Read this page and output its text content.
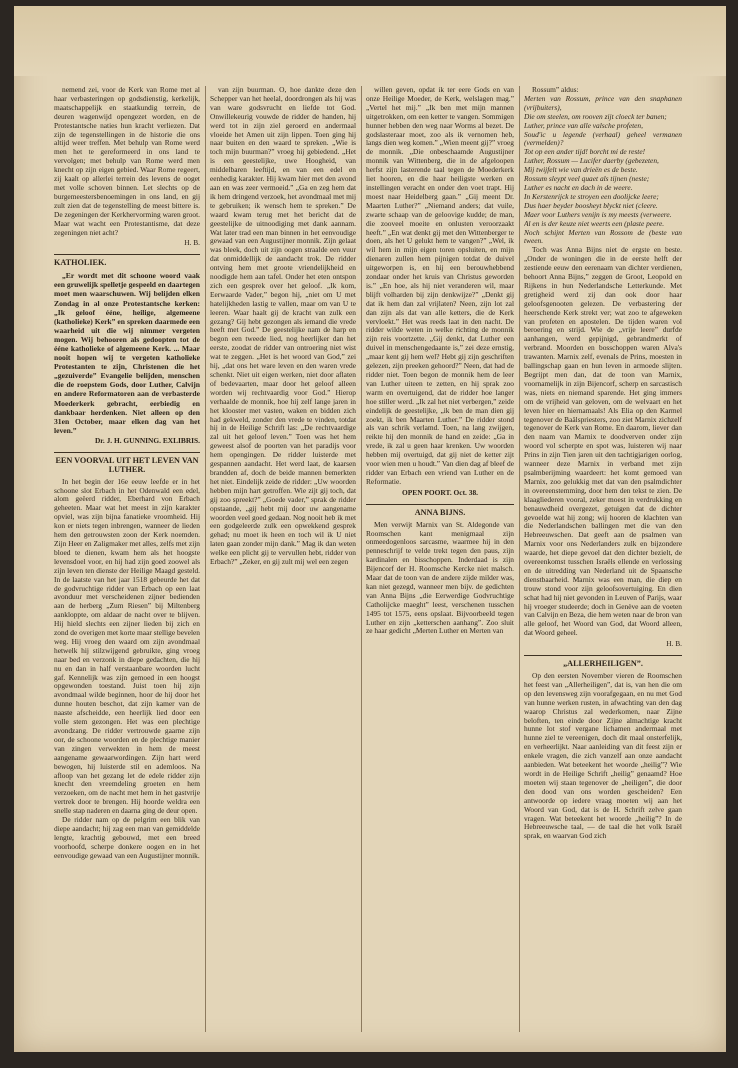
nemend zei, voor de Kerk van Rome met al haar verbasteringen op godsdienstig, kerkelijk, maatschappelijk en staatkundig terrein, de deuren wagenwijd opengezet worden, en de Protestantsche naties hun kracht verliezen. Dat zijn de tegenstellingen in de historie die ons altijd weer treffen. Met behulp van Rome werd men het te gereformeerd in ons land te vervolgen; met behulp van Rome werd men knecht op zijn eigen gebied. Waar Rome regeert, zij kaalt op allerlei terrein des levens de ooget met volle schoven binnen. Let slechts op de burgemeestersbenoemingen in ons land, en gij zult zien dat de tegenstelling de meest bittere is. De zegeningen der Kerkhervorming waren groot. Maar wat wacht een Protestantisme, dat deze zegeningen niet acht?

H. B.

KATHOLIEK.

„Er wordt met dit schoone woord vaak een gruwelijk spelletje gespeeld en daartegen moet men waarschuwen. Wij belijden elken Zondag in al onze Protestantsche kerken: „Ik geloof ééne, heilige, algemeene (katholieke) Kerk” en spreken daarmede een waarheid uit die wij nimmer vergeten mogen. Wij behooren als gedoopten tot de ééne katholieke of algemeene Kerk. ... Maar nooit hopen wij te vergeten katholieke Protestanten te zijn, Christenen die het „gezuiverde” Evangelie belijden, menschen die de roepstem Gods, door Luther, Calvijn en andere Reformatoren aan de verbasterde Moederkerk gebracht, eerbiedig en dankbaar herdenken. Niet alleen op den 31en October, maar elken dag van het leven.”

Dr. J. H. GUNNING. EXLIBRIS.

EEN VOORVAL UIT HET LEVEN VAN LUTHER.

In het begin der 16e eeuw leefde er in het schoone slot Erbach in het Odenwald een edel, alom geëerd ridder, Eberhard von Erbach geheeten. Maar wat het meest in zijn karakter opviel, was zijn bijna fanatieke vroomheid. Hij kon er niets tegen inbrengen, wanneer de lieden hem den getrouwsten zoon der Kerk noemden. Zijn Heer en Zaligmaker met alles, zelfs met zijn bloed te dienen, kwam hem als het hoogste levensdoel voor, en hij had zijn goed zoowel als zijn leven ten dienste der Heilige Maagd gesteld. In de laatste van het jaar 1518 gebeurde het dat de godvruchtige ridder van Erbach op een laat avonduur met verscheidenen zijner bedienden aan de herberg „Zum Riesen” bij Miltenberg aankloppte, om aldaar de nacht over te blijven. Hij hield slechts een zijner lieden bij zich en zond de overigen met korte maar stellige bevelen weg. Hij vroeg den waard om zijn avondmaal hetwelk hij stilzwijgend gebruikte, ging vroeg naar bed en verzonk in diepe gedachten, die hij nu en dan in half verstaanbare woorden lucht gaf. Kennelijk was zijn gemoed in een hoogst opgewonden toestand. Juist toen hij zijn avondmaal wilde beginnen, hoor de hij door het dunne houten beschot, dat zijn kamer van de naaste afscheidde, een heerlijk lied door een volle stem gezongen. Het was een plechtige avondzang. De ridder vertrouwde gaarne zijn oor, de schoone woorden en de plechtige manier van zingen verwekten in hem de meest aangename gewaarwordingen. Zijn hart werd bewogen, hij luisterde stil en ademloos. Na afloop van het gezang let de edele ridder zijn knecht den vreemdeling groeten en hem verzoeken, om de nacht met hem in het gastvrije vertrek door te brengen. Hij hoorde weldra een snelle stap naderen en daarna ging de deur open.

De ridder nam op de pelgrim een blik van diepe aandacht; hij zag een man van gemiddelde lengte, krachtig gebouwd, met een breed voorhoofd, scherpe donkere oogen en in het eenvoudige gewaad van een Augustijner monnik.

van zijn buurman. O, hoe dankte deze den Schepper van het heelal, doordrongen als hij was van ware godsvrucht en liefde tot God. Onwillekeurig vouwde de ridder de handen, hij werd tot in zijn ziel geroerd en andermaal vloeide het Amen uit zijn lippen. Toen ging hij naar buiten en den waard te spreken. „Wie is toch mijn buurman?” vroeg hij gebiedend. „Het is een geestelijke, uwe Hoogheid, van middelbaren leeftijd, en van een edel en eenhedig karakter. Hij kwam hier met den avond aan en was zeer vermoeid.” „Ga en zeg hem dat ik hem dringend verzoek, het avondmaal met mij te gebruiken; ik wensch hem te spreken.” De waard kwam terug met het bericht dat de geestelijke de uitnoodiging met dank aannam. Wat later trad een man binnen in het eenvoudige gewaad van een Augustijner monnik. Zijn gelaat was bleek, doch uit zijn oogen straalde een vuur dat onmiddellijk de aandacht trok. De ridder ontving hem met groote vriendelijkheid en noodigde hem aan tafel. Onder het eten ontspon zich een gesprek over het geloof. „Ik kom, Eerwaarde Vader,” begon hij, „niet om U met hatelijkheden lastig te vallen, maar om van U te leeren. Waar haalt gij de kracht van zulk een gezang? Gij hebt gezongen als iemand die vrede heeft met God.” De geestelijke nam de harp en begon een tweede lied, nog heerlijker dan het eerste, zoodat de ridder van ontroering niet wist wat te zeggen. „Het is het woord van God,” zei hij, „dat ons het ware leven en den waren vrede schenkt. Niet uit eigen werken, niet door aflaten of bedevaarten, maar door het geloof alleen worden wij rechtvaardig voor God.” Hierop verhaalde de monnik, hoe hij zelf lange jaren in het klooster met vasten, waken en bidden zich had gekweld, zonder den vrede te vinden, totdat hij in de Heilige Schrift las: „De rechtvaardige zal uit het geloof leven.” Toen was het hem geweest alsof de poorten van het paradijs voor hem opengingen. De ridder luisterde met gespannen aandacht. Het werd laat, de kaarsen brandden af, doch de beide mannen bemerkten het niet. Eindelijk zeide de ridder: „Uw woorden hebben mijn hart getroffen. Wie zijt gij toch, dat gij zoo spreekt?” „Goede vader,” sprak de ridder opstaande, „gij hebt mij door uw aangename woorden veel goed gedaan. Nog nooit heb ik met een godgeleerde zulk een opwekkend gesprek gehad; nu moet ik heen en toch wil ik U niet laten gaan zonder mijn dank.” Mag ik dan weten welke een plicht gij te vervullen hebt, ridder von Erbach?” „Zeker, en gij zult mij wel een zegen

willen geven, opdat ik ter eere Gods en van onze Heilige Moeder, de Kerk, welslagen mag.” „Vertel het mij.” „Ik ben met mijn mannen uitgetrokken, om een ketter te vangen. Sommigen hunner hebben den weg naar Worms al bezet. De godslasteraar moet, zoo als ik vernomen heb, langs dien weg komen.” „Wien meent gij?” vroeg de monnik. „Die onbeschaamde Augustijner monnik van Wittenberg, die in de afgeloopen herfst zijn lasterende taal tegen de Moederkerk liet hooren, en die haar heiligste werken en instellingen veracht en onder den voet trapt. Hij moest naar Heidelberg gaan.” „Gij meent Dr. Maarten Luther?” „Niemand anders; dat vuile, zwarte schaap van de geloovige kudde; de man, die zooveel moeite en onlusten veroorzaakt heeft.” „En wat denkt gij met den Wittenberger te doen, als het U gelukt hem te vangen?” „Wel, ik wil hem in mijn eigen toren opsluiten, en mijn dienaren zullen hem pijnigen totdat de duivel uitgeworpen is, en hij een berouwhebbend zondaar onder het kruis van Christus geworden is.” „En hoe, als hij niet veranderen wil, maar blijft volharden bij zijn denkwijze?” „Denkt gij dat ik hem dan zal vrijlaten? Neen, zijn lot zal dan zijn als dat van alle ketters, die de Kerk vervloekt.” Het was reeds laat in den nacht. De ridder wilde weten in welke richting de monnik zijn reis voortzette. „Gij denkt, dat Luther een duivel in menschengedaante is,” zei deze ernstig, „maar kent gij hem wel? Hebt gij zijn geschriften gelezen, zijn preeken gehoord?” Neen, dat had de ridder niet. Toen begon de monnik hem de leer van Luther uiteen te zetten, en hij sprak zoo warm en overtuigend, dat de ridder hoe langer hoe stiller werd. „Ik zal het niet verbergen,” zeide eindelijk de geestelijke, „ik ben de man dien gij zoekt, ik ben Maarten Luther.” De ridder stond als van schrik verlamd. Toen, na lang zwijgen, reikte hij den monnik de hand en zeide: „Ga in vrede, ik zal u geen haar krenken. Uw woorden hebben mij overtuigd, dat gij niet de ketter zijt voor wien men u houdt.” Van dien dag af bleef de ridder van Erbach een vriend van Luther en de Reformatie.

OPEN POORT. Oct. 38.

ANNA BIJNS.

Men verwijt Marnix van St. Aldegonde van Roomschen kant menigmaal zijn onmeedogenloos sarcasme, waarmee hij in den penneschrijf te velde trekt tegen den paus, zijn kardinalen en bisschoppen. Inderdaad is zijn Bijencorf der H. Roomsche Kercke niet malsch. Maar dat de toon van de andere zijde milder was, kan niet gezegd, wanneer men bijv. de gedichten van Anna Bijns „die Eerwerdige Godvruchtige Catholijcke maeght” leest, verschenen tusschen 1495 tot 1575, eens opslaat. Bijvoorbeeld tegen Luther en zijn „ketterschen aanhang”. Zoo sluit ze haar gedicht „Merten Luther en Merten van

Rossum” aldus:

Merten van Rossum, prince van den snaphanen (vrijbuiters),
Die om steelen, om rooven zijt cloeck ter banen;
Luther, prince van alle valsche profeten,
Soud'ic u legende (verhaal) geheel vermanen (vermelden)?
Tot op een ander tijd! borcht mi de reste!
Luther, Rossum — Lucifer daerby (gebezeten,
Mij twijfelt wie van drieën es de beste.
Rossum sleypt veel quaet als tijnen (neste;
Luther es nacht en dach in de weere.
In Kerstenrijck te stroyen een doolijcke leere;
Dus haer beyder boosheyt blyckt niet (cleere.
Maer voor Luthers venijn is my meests (verweere.
Al en is der keuze niet weerts een (plaste peere.
Noch schijnt Merten van Rossom de (beste van tween.

Toch was Anna Bijns niet de ergste en beste. „Onder de woningen die in de eerste helft der zestiende eeuw den eerenaam van dichter verdienen, behoort Anna Bijns,” zeggen de Groot, Leopold en Rijkens in hun Nederlandsche Letterkunde. Met gretigheid werd zij dan ook door haar geloofsgenooten gelezen. De verbastering der heerschende Kerk strekt ver; wat zoo te afgeweken van profeten en apostelen. De tijden waren vol beroering en strijd. Wie de „vrije leere” durfde aanhangen, werd gepijnigd, gebrandmerkt of verbrand. Moorden en bosschoppen waren Alva's trawanten. Marnix zelf, evenals de Prins, moesten in ballingschap gaan en hun leven in armoede slijten. Begrijpt men dan, dat de toon van Marnix, voornamelijk in zijn Bijencorf, scherp en sarcastisch was, niets en niemand sparende. Het ging immers om de vrijheid van geloven, om de welvaart en het leven hier en hiernamaals! Als Elia op den Karmel tegenover de Baälspriesters, zoo ziet Marnix zichzelf tegenover de Kerk van Rome. En daarom, liever dan den naam van Marnix te doodverven onder zijn woord vol scherpte en spot was, luisteren wij naar Prins in zijn Tien jaren uit den tachtigjarigen oorlog, wanneer deze Marnix in verband met zijn psalmberijming waardeert: het komt gemoed van Marnix, zoo gelukkig met dat van den psalmdichter in overeenstemming, door hem den tekst te zien. De klaagliederen vooral, zeker moest in verdrukking en benauwdheid overgezet, getuigen dat de dichter gevoelde wat hij zong; wij hooren de klachten van die Nederlandschen ballingen met die van den Hebreeuwschen. Dat geeft aan de psalmen van Marnix voor ons Nederlanders zulk en bijzondere waarde, het diepe gevoel dat den dichter bezielt, de overeenkomst tusschen Israëls ellende en verlossing en de uitredding van Nederland uit de Spaansche dienstbaarheid. Marnix was een man, die diep en trouw stond voor zijn geloofsovertuiging. En dien schat had hij niet gevonden in Leuven of Parijs, waar hij vroeger studeerde; doch in Genève aan de voeten van Calvijn en Beza, die hem weten naar de bron van alle geloof, het Woord van God, dat Woord alleen, dat Woord geheel.

H. B.

„ALLERHEILIGEN”.

Op den eersten November vieren de Roomschen het feest van „Allerheiligen”, dat is, van hen die om op den levensweg zijn voorafgegaan, en nu met God van hunne werken rusten, in afwachting van den dag waarop Christus zal wederkomen, naar Zijne beloften, ten einde door Zijne almachtige kracht hunne lot stof vergane lichamen andermaal met hunne ziel te vereenigen, doch dit maal onsterfelijk, en verheerlijkt. Naar aanleiding van dit feest zijn er enkele vragen, die zich vanzelf aan onze aandacht aanbieden. Wat beteekent het woorde „heilig”? Wie wordt in de Heilige Schrift „heilig” genaamd? Hoe moeten wij staan tegenover de „heiligen”, die door den dood van ons worden gescheiden? Een antwoorde op iedere vraag moeten wij aan het Woord van God, dat is de H. Schrift zelve gaan vragen. Wat beteekent het woorde „heilig”? In de Hebreeuwsche taal, — de taal die het volk Israël sprak, en waarvan God zich
